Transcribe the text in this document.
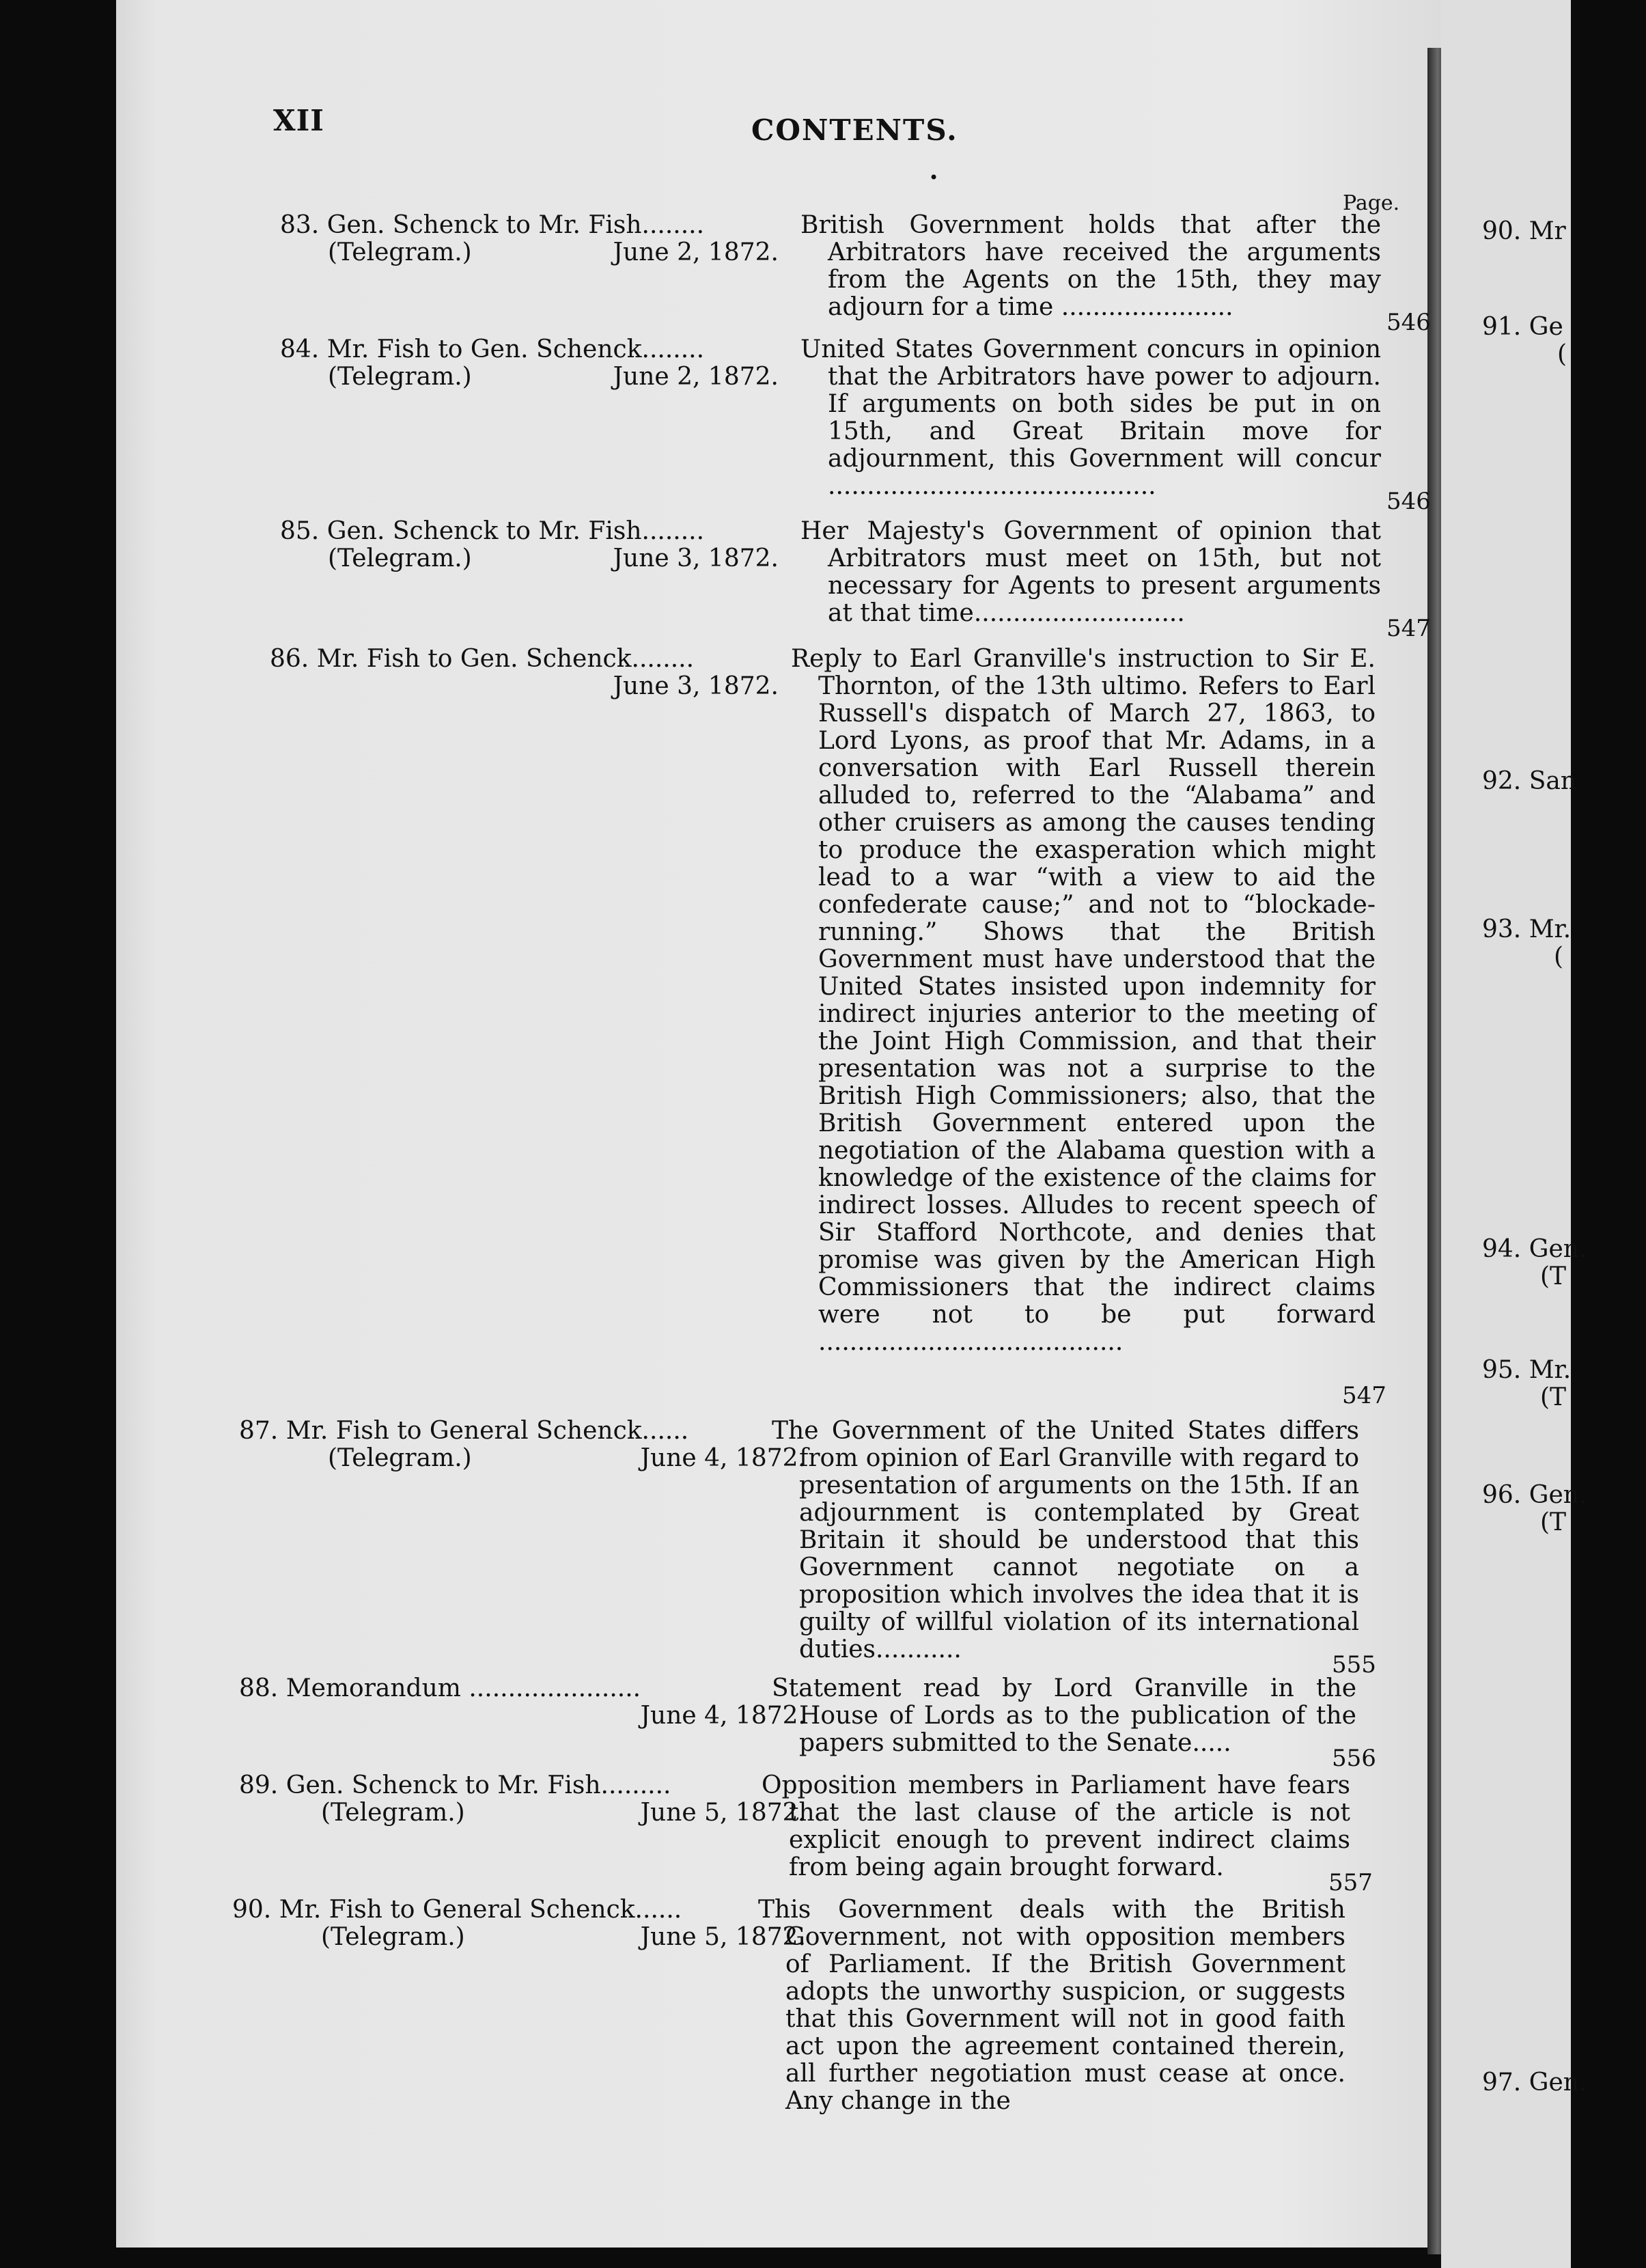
XII	CONTENTS.
•
Page.
83. Gen. Schenck to Mr. Fish........
(Telegram.)	June 2, 1872.
British Government holds that after the Arbitrators have received the arguments from the Agents on the 15th, they may adjourn for a time ......................
546
84. Mr. Fish to Gen. Schenck........
(Telegram.)	June 2, 1872.
United States Government concurs in opinion that the Arbitrators have power to adjourn. If arguments on both sides be put in on 15th, and Great Britain move for adjournment, this Government will concur ..........................................
546
85. Gen. Schenck to Mr. Fish........
(Telegram.)	June 3, 1872.
Her Majesty's Government of opinion that Arbitrators must meet on 15th, but not necessary for Agents to present arguments at that time...........................
547
86. Mr. Fish to Gen. Schenck........
June 3, 1872.
Reply to Earl Granville's instruction to Sir E. Thornton, of the 13th ultimo. Refers to Earl Russell's dispatch of March 27, 1863, to Lord Lyons, as proof that Mr. Adams, in a conversation with Earl Russell therein alluded to, referred to the “Alabama” and other cruisers as among the causes tending to produce the exasperation which might lead to a war “with a view to aid the confederate cause;” and not to “blockade-running.” Shows that the British Government must have understood that the United States insisted upon indemnity for indirect injuries anterior to the meeting of the Joint High Commission, and that their presentation was not a surprise to the British High Commissioners; also, that the British Government entered upon the negotiation of the Alabama question with a knowledge of the existence of the claims for indirect losses. Alludes to recent speech of Sir Stafford Northcote, and denies that promise was given by the American High Commissioners that the indirect claims were not to be put forward .......................................
547
87. Mr. Fish to General Schenck......
(Telegram.)	June 4, 1872.
The Government of the United States differs from opinion of Earl Granville with regard to presentation of arguments on the 15th. If an adjournment is contemplated by Great Britain it should be understood that this Government cannot negotiate on a proposition which involves the idea that it is guilty of willful violation of its international duties...........
555
88. Memorandum ......................
June 4, 1872.
Statement read by Lord Granville in the House of Lords as to the publication of the papers submitted to the Senate.....
556
89. Gen. Schenck to Mr. Fish.........
(Telegram.)	June 5, 1872.
Opposition members in Parliament have fears that the last clause of the article is not explicit enough to prevent indirect claims from being again brought forward.
557
90. Mr. Fish to General Schenck......
(Telegram.)	June 5, 1872.
This Government deals with the British Government, not with opposition members of Parliament. If the British Government adopts the unworthy suspicion, or suggests that this Government will not in good faith act upon the agreement contained therein, all further negotiation must cease at once. Any change in the
90. Mr
91. Ge
(
92. San
93. Mr.
(
94. Gen.
(T
95. Mr.
(T
96. Gen.
(T
97. Gen.
